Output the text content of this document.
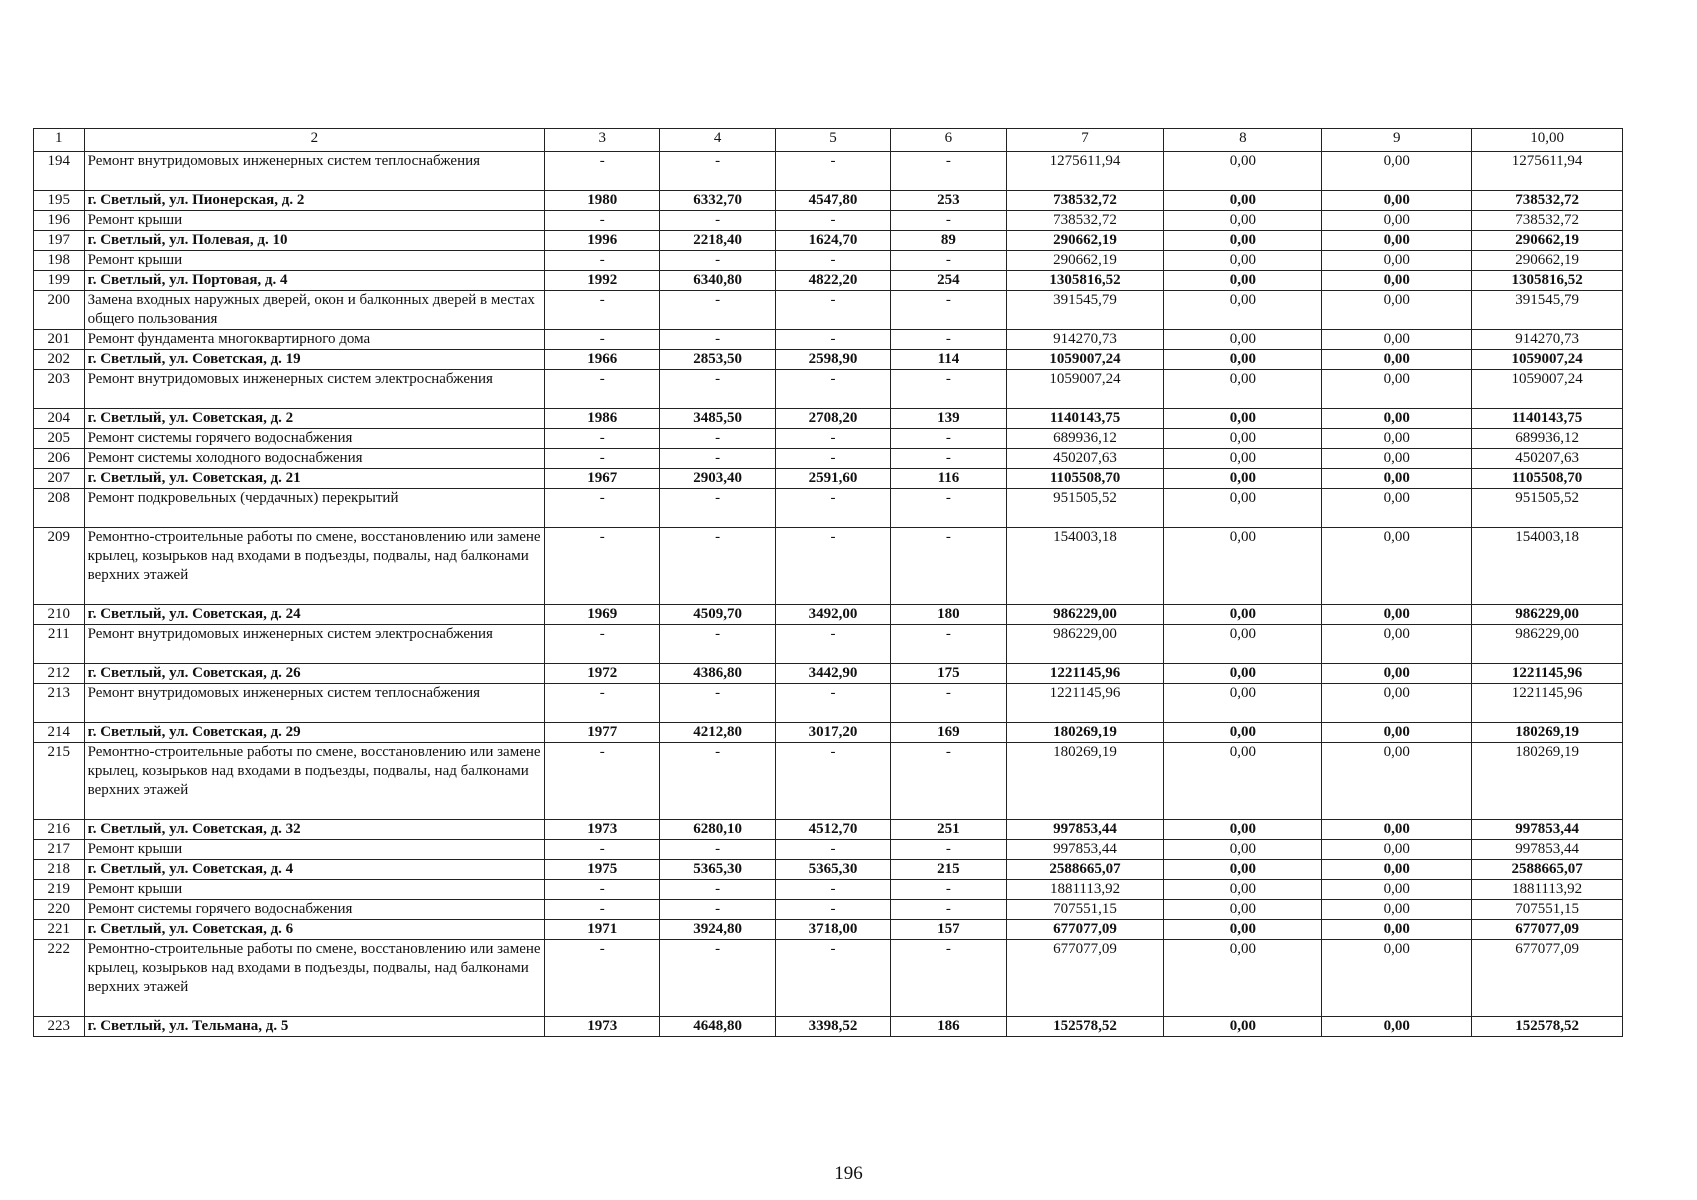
1	2	3	4	5	6	7	8	9	10,00
194	Ремонт внутридомовых инженерных систем теплоснабжения	-	-	-	-	1275611,94	0,00	0,00	1275611,94
195	г. Светлый, ул. Пионерская, д. 2	1980	6332,70	4547,80	253	738532,72	0,00	0,00	738532,72
196	Ремонт крыши	-	-	-	-	738532,72	0,00	0,00	738532,72
197	г. Светлый, ул. Полевая, д. 10	1996	2218,40	1624,70	89	290662,19	0,00	0,00	290662,19
198	Ремонт крыши	-	-	-	-	290662,19	0,00	0,00	290662,19
199	г. Светлый, ул. Портовая, д. 4	1992	6340,80	4822,20	254	1305816,52	0,00	0,00	1305816,52
200	Замена входных наружных дверей, окон и балконных дверей в местах общего пользования	-	-	-	-	391545,79	0,00	0,00	391545,79
201	Ремонт фундамента многоквартирного дома	-	-	-	-	914270,73	0,00	0,00	914270,73
202	г. Светлый, ул. Советская, д. 19	1966	2853,50	2598,90	114	1059007,24	0,00	0,00	1059007,24
203	Ремонт внутридомовых инженерных систем электроснабжения	-	-	-	-	1059007,24	0,00	0,00	1059007,24
204	г. Светлый, ул. Советская, д. 2	1986	3485,50	2708,20	139	1140143,75	0,00	0,00	1140143,75
205	Ремонт системы горячего водоснабжения	-	-	-	-	689936,12	0,00	0,00	689936,12
206	Ремонт системы холодного водоснабжения	-	-	-	-	450207,63	0,00	0,00	450207,63
207	г. Светлый, ул. Советская, д. 21	1967	2903,40	2591,60	116	1105508,70	0,00	0,00	1105508,70
208	Ремонт подкровельных (чердачных) перекрытий	-	-	-	-	951505,52	0,00	0,00	951505,52
209	Ремонтно-строительные работы по смене, восстановлению или замене крылец, козырьков над входами в подъезды, подвалы, над балконами верхних этажей	-	-	-	-	154003,18	0,00	0,00	154003,18
210	г. Светлый, ул. Советская, д. 24	1969	4509,70	3492,00	180	986229,00	0,00	0,00	986229,00
211	Ремонт внутридомовых инженерных систем электроснабжения	-	-	-	-	986229,00	0,00	0,00	986229,00
212	г. Светлый, ул. Советская, д. 26	1972	4386,80	3442,90	175	1221145,96	0,00	0,00	1221145,96
213	Ремонт внутридомовых инженерных систем теплоснабжения	-	-	-	-	1221145,96	0,00	0,00	1221145,96
214	г. Светлый, ул. Советская, д. 29	1977	4212,80	3017,20	169	180269,19	0,00	0,00	180269,19
215	Ремонтно-строительные работы по смене, восстановлению или замене крылец, козырьков над входами в подъезды, подвалы, над балконами верхних этажей	-	-	-	-	180269,19	0,00	0,00	180269,19
216	г. Светлый, ул. Советская, д. 32	1973	6280,10	4512,70	251	997853,44	0,00	0,00	997853,44
217	Ремонт крыши	-	-	-	-	997853,44	0,00	0,00	997853,44
218	г. Светлый, ул. Советская, д. 4	1975	5365,30	5365,30	215	2588665,07	0,00	0,00	2588665,07
219	Ремонт крыши	-	-	-	-	1881113,92	0,00	0,00	1881113,92
220	Ремонт системы горячего водоснабжения	-	-	-	-	707551,15	0,00	0,00	707551,15
221	г. Светлый, ул. Советская, д. 6	1971	3924,80	3718,00	157	677077,09	0,00	0,00	677077,09
222	Ремонтно-строительные работы по смене, восстановлению или замене крылец, козырьков над входами в подъезды, подвалы, над балконами верхних этажей	-	-	-	-	677077,09	0,00	0,00	677077,09
223	г. Светлый, ул. Тельмана, д. 5	1973	4648,80	3398,52	186	152578,52	0,00	0,00	152578,52
196
